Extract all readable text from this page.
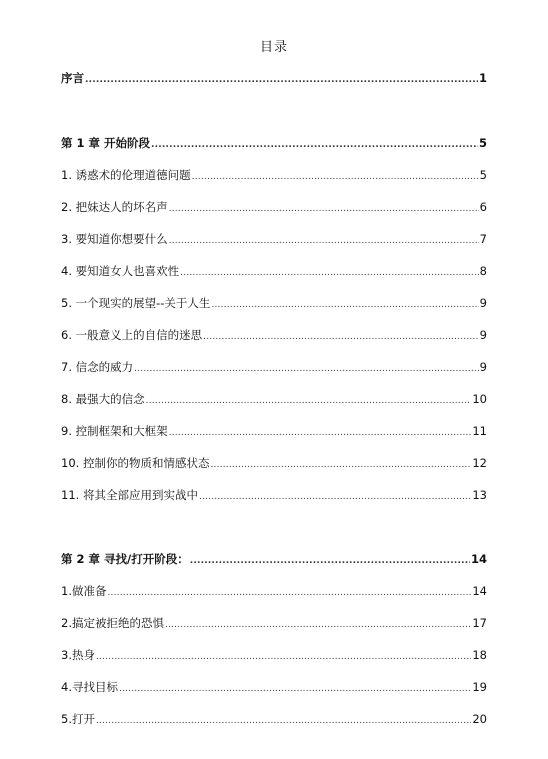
目录
序言 .....	1
第 1 章 开始阶段 .....	5
1. 诱惑术的伦理道德问题 .....	5
2. 把妹达人的坏名声 .....	6
3. 要知道你想要什么 .....	7
4. 要知道女人也喜欢性 .....	8
5. 一个现实的展望--关于人生 .....	9
6. 一般意义上的自信的迷思 .....	9
7. 信念的威力 .....	9
8. 最强大的信念 .....	10
9. 控制框架和大框架 .....	11
10. 控制你的物质和情感状态 .....	12
11. 将其全部应用到实战中 .....	13
第 2 章 寻找/打开阶段： .....	14
1.做准备 .....	14
2.搞定被拒绝的恐惧 .....	17
3.热身 .....	18
4.寻找目标 .....	19
5.打开 .....	20
